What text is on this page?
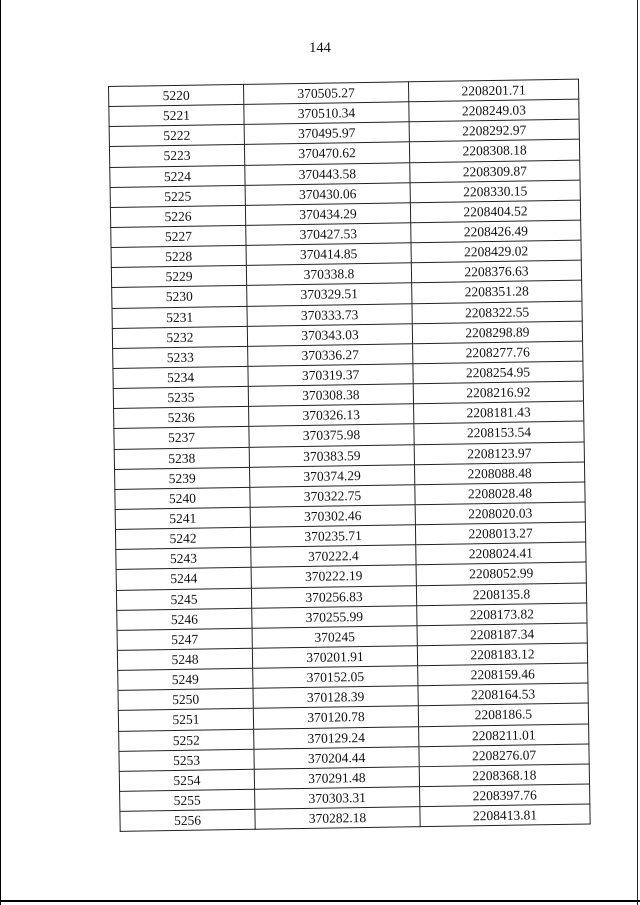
144
5220	370505.27	2208201.71
5221	370510.34	2208249.03
5222	370495.97	2208292.97
5223	370470.62	2208308.18
5224	370443.58	2208309.87
5225	370430.06	2208330.15
5226	370434.29	2208404.52
5227	370427.53	2208426.49
5228	370414.85	2208429.02
5229	370338.8	2208376.63
5230	370329.51	2208351.28
5231	370333.73	2208322.55
5232	370343.03	2208298.89
5233	370336.27	2208277.76
5234	370319.37	2208254.95
5235	370308.38	2208216.92
5236	370326.13	2208181.43
5237	370375.98	2208153.54
5238	370383.59	2208123.97
5239	370374.29	2208088.48
5240	370322.75	2208028.48
5241	370302.46	2208020.03
5242	370235.71	2208013.27
5243	370222.4	2208024.41
5244	370222.19	2208052.99
5245	370256.83	2208135.8
5246	370255.99	2208173.82
5247	370245	2208187.34
5248	370201.91	2208183.12
5249	370152.05	2208159.46
5250	370128.39	2208164.53
5251	370120.78	2208186.5
5252	370129.24	2208211.01
5253	370204.44	2208276.07
5254	370291.48	2208368.18
5255	370303.31	2208397.76
5256	370282.18	2208413.81
